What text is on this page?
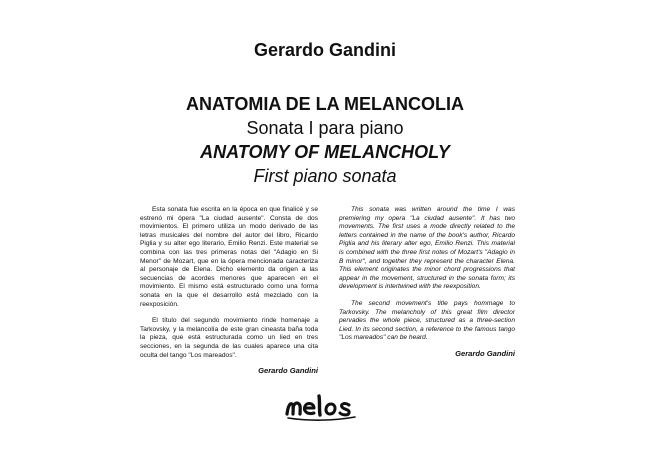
Gerardo Gandini
ANATOMIA DE LA MELANCOLIA
Sonata I para piano
ANATOMY OF MELANCHOLY
First piano sonata

Esta sonata fue escrita en la época en que finalicé y se estrenó mi ópera "La ciudad ausente". Consta de dos movimientos. El primero utiliza un modo derivado de las letras musicales del nombre del autor del libro, Ricardo Piglia y su alter ego literario, Emilio Renzi. Este material se combina con las tres primeras notas del "Adagio en Si Menor" de Mozart, que en la ópera mencionada caracteriza al personaje de Elena. Dicho elemento da origen a las secuencias de acordes menores que aparecen en el movimiento. El mismo está estructurado como una forma sonata en la que el desarrollo está mezclado con la reexposición.

El título del segundo movimiento rinde homenaje a Tarkovsky, y la melancolía de este gran cineasta baña toda la pieza, que está estructurada como un lied en tres secciones, en la segunda de las cuales aparece una cita oculta del tango "Los mareados".

Gerardo Gandini

This sonata was written around the time I was premiering my opera "La ciudad ausente". It has two movements. The first uses a mode directly related to the letters contained in the name of the book's author, Ricardo Piglia and his literary alter ego, Emilio Renzi. This material is combined with the three first notes of Mozart's "Adagio in B minor", and together they represent the character Elena. This element originates the minor chord progressions that appear in the movement, structured in the sonata form; its development is intertwined with the reexposition.

The second movement's title pays hommage to Tarkovsky. The melancholy of this great film director pervades the whole piece, structured as a three-section Lied. In its second section, a reference to the famous tango "Los mareados" can be heard.

Gerardo Gandini
